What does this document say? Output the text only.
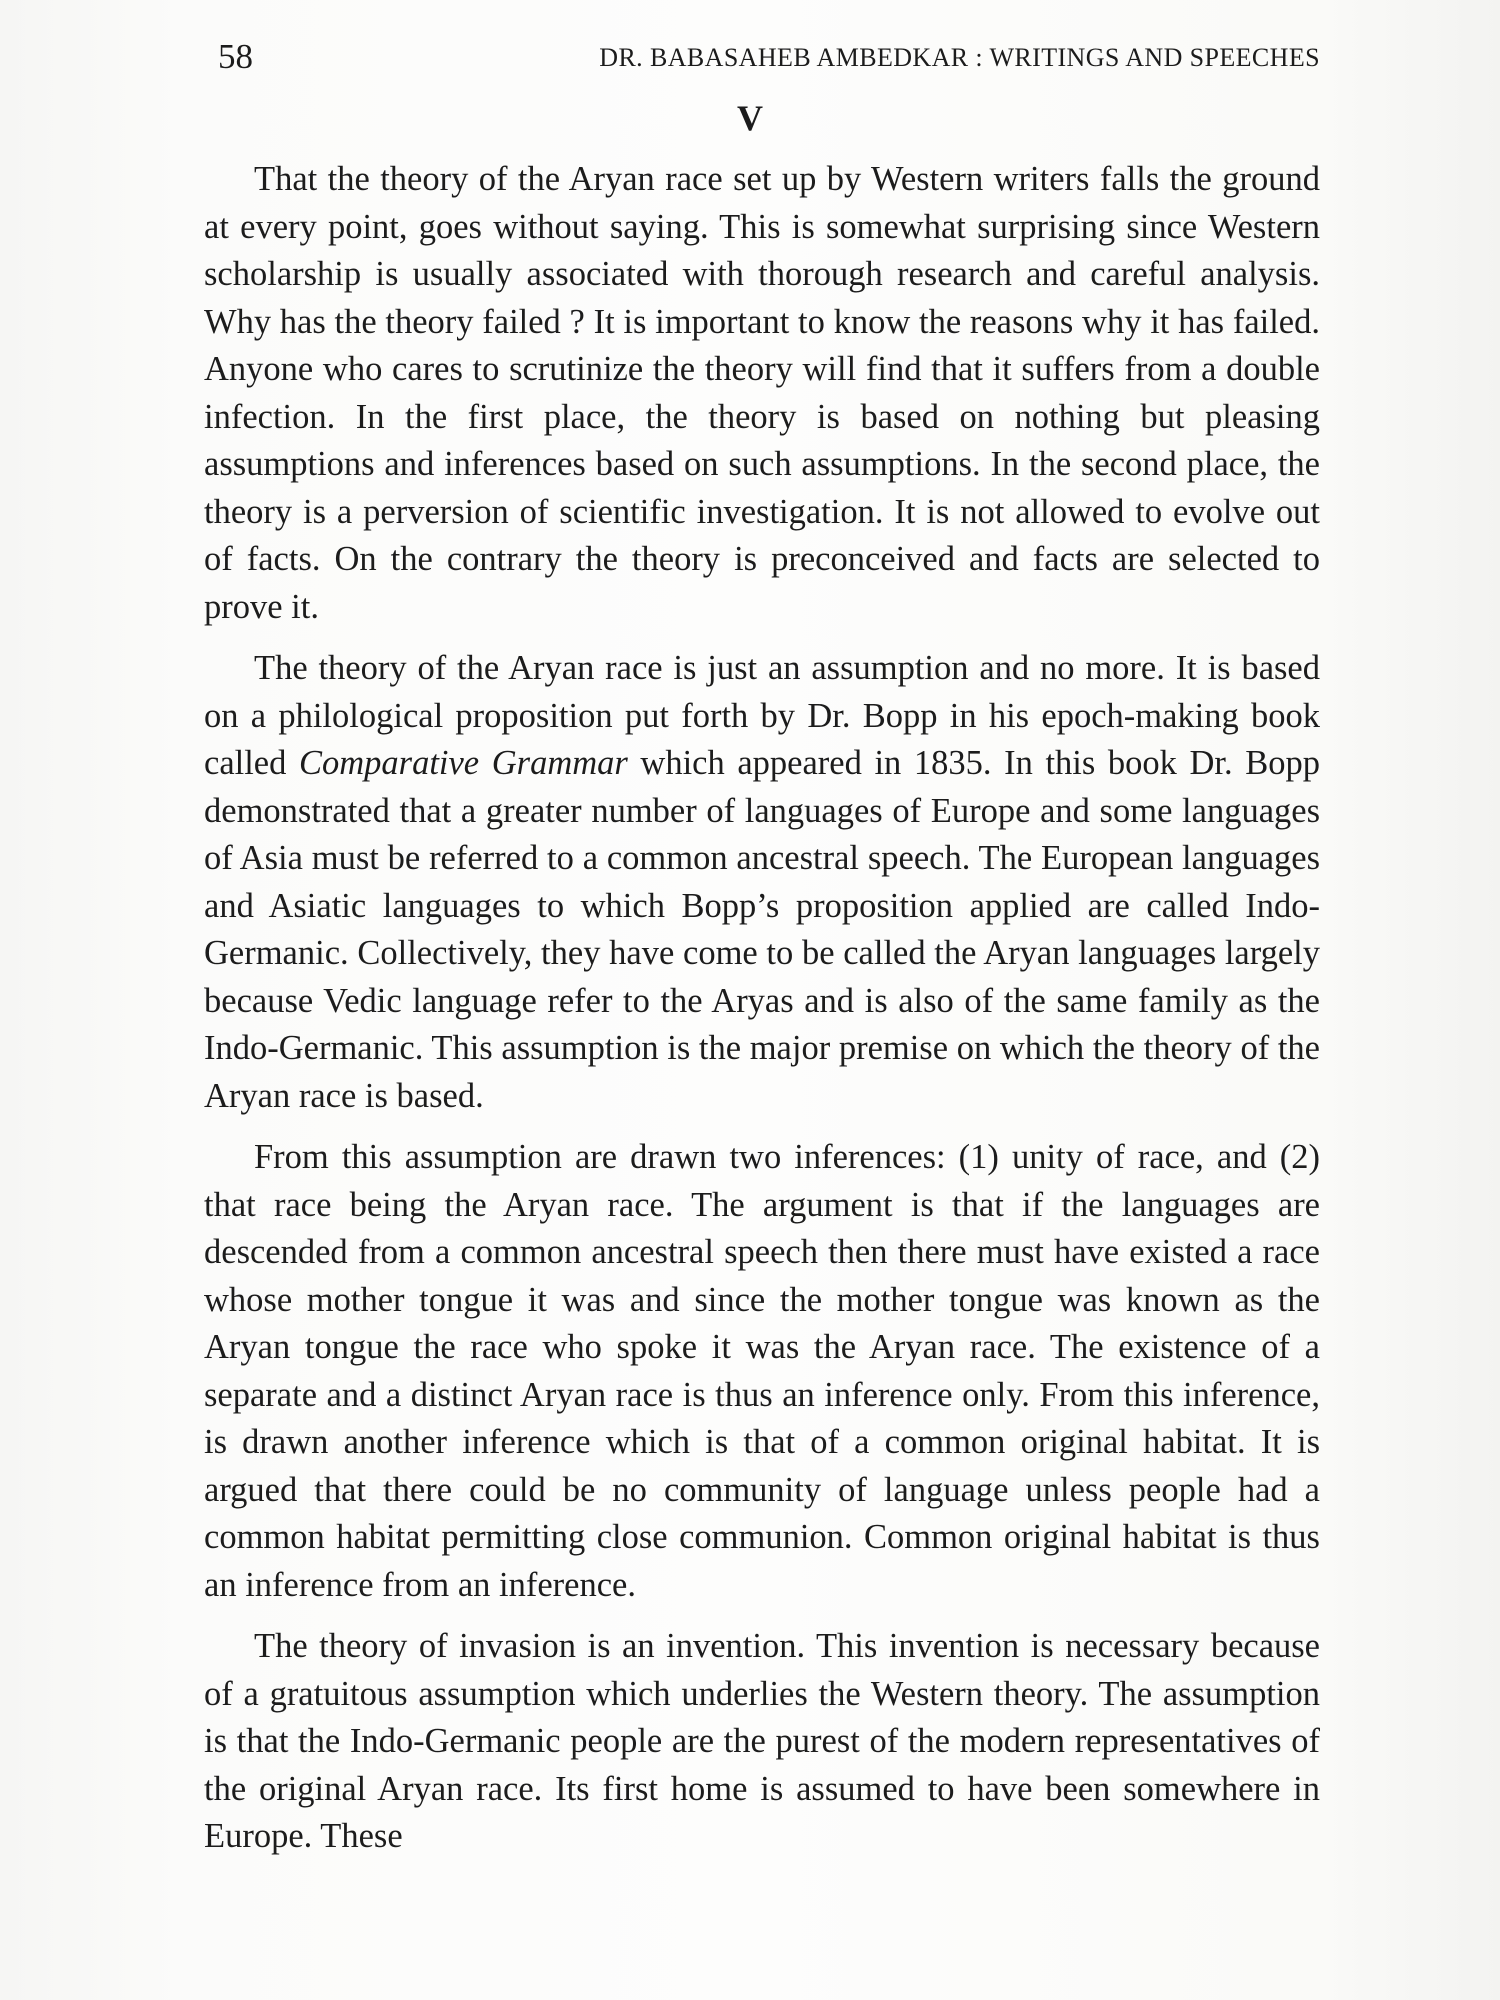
58	DR. BABASAHEB AMBEDKAR : WRITINGS AND SPEECHES
V

That the theory of the Aryan race set up by Western writers falls the ground at every point, goes without saying. This is somewhat surprising since Western scholarship is usually associated with thorough research and careful analysis. Why has the theory failed ? It is important to know the reasons why it has failed. Anyone who cares to scrutinize the theory will find that it suffers from a double infection. In the first place, the theory is based on nothing but pleasing assumptions and inferences based on such assumptions. In the second place, the theory is a perversion of scientific investigation. It is not allowed to evolve out of facts. On the contrary the theory is preconceived and facts are selected to prove it.

The theory of the Aryan race is just an assumption and no more. It is based on a philological proposition put forth by Dr. Bopp in his epoch-making book called Comparative Grammar which appeared in 1835. In this book Dr. Bopp demonstrated that a greater number of languages of Europe and some languages of Asia must be referred to a common ancestral speech. The European languages and Asiatic languages to which Bopp’s proposition applied are called Indo-Germanic. Collectively, they have come to be called the Aryan languages largely because Vedic language refer to the Aryas and is also of the same family as the Indo-Germanic. This assumption is the major premise on which the theory of the Aryan race is based.

From this assumption are drawn two inferences: (1) unity of race, and (2) that race being the Aryan race. The argument is that if the languages are descended from a common ancestral speech then there must have existed a race whose mother tongue it was and since the mother tongue was known as the Aryan tongue the race who spoke it was the Aryan race. The existence of a separate and a distinct Aryan race is thus an inference only. From this inference, is drawn another inference which is that of a common original habitat. It is argued that there could be no community of language unless people had a common habitat permitting close communion. Common original habitat is thus an inference from an inference.

The theory of invasion is an invention. This invention is necessary because of a gratuitous assumption which underlies the Western theory. The assumption is that the Indo-Germanic people are the purest of the modern representatives of the original Aryan race. Its first home is assumed to have been somewhere in Europe. These
